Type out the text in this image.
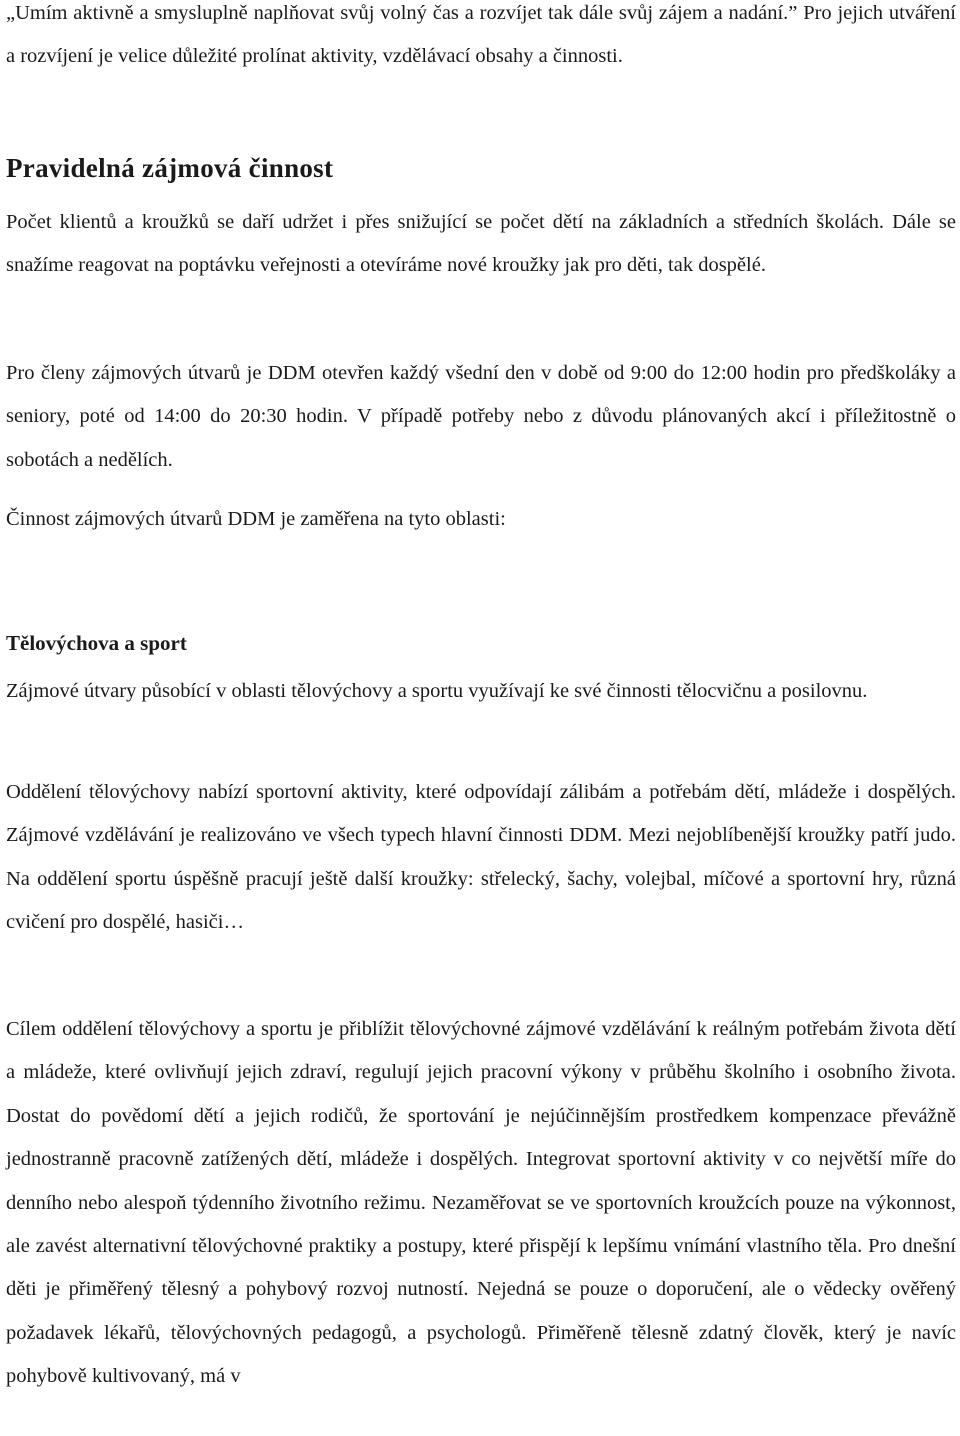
„Umím aktivně a smysluplně naplňovat svůj volný čas a rozvíjet tak dále svůj zájem a nadání.” Pro jejich utváření a rozvíjení je velice důležité prolínat aktivity, vzdělávací obsahy a činnosti.

Pravidelná zájmová činnost

Počet klientů a kroužků se daří udržet i přes snižující se počet dětí na základních a středních školách. Dále se snažíme reagovat na poptávku veřejnosti a otevíráme nové kroužky jak pro děti, tak dospělé.

Pro členy zájmových útvarů je DDM otevřen každý všední den v době od 9:00 do 12:00 hodin pro předškoláky a seniory, poté od 14:00 do 20:30 hodin. V případě potřeby nebo z důvodu plánovaných akcí i příležitostně o sobotách a nedělích.

Činnost zájmových útvarů DDM je zaměřena na tyto oblasti:

Tělovýchova a sport

Zájmové útvary působící v oblasti tělovýchovy a sportu využívají ke své činnosti tělocvičnu a posilovnu.

Oddělení tělovýchovy nabízí sportovní aktivity, které odpovídají zálibám a potřebám dětí, mládeže i dospělých. Zájmové vzdělávání je realizováno ve všech typech hlavní činnosti DDM. Mezi nejoblíbenější kroužky patří judo. Na oddělení sportu úspěšně pracují ještě další kroužky: střelecký, šachy, volejbal, míčové a sportovní hry, různá cvičení pro dospělé, hasiči…

Cílem oddělení tělovýchovy a sportu je přiblížit tělovýchovné zájmové vzdělávání k reálným potřebám života dětí a mládeže, které ovlivňují jejich zdraví, regulují jejich pracovní výkony v průběhu školního i osobního života. Dostat do povědomí dětí a jejich rodičů, že sportování je nejúčinnějším prostředkem kompenzace převážně jednostranně pracovně zatížených dětí, mládeže i dospělých. Integrovat sportovní aktivity v co největší míře do denního nebo alespoň týdenního životního režimu. Nezaměřovat se ve sportovních kroužcích pouze na výkonnost, ale zavést alternativní tělovýchovné praktiky a postupy, které přispějí k lepšímu vnímání vlastního těla. Pro dnešní děti je přiměřený tělesný a pohybový rozvoj nutností. Nejedná se pouze o doporučení, ale o vědecky ověřený požadavek lékařů, tělovýchovných pedagogů, a psychologů. Přiměřeně tělesně zdatný člověk, který je navíc pohybově kultivovaný, má v
